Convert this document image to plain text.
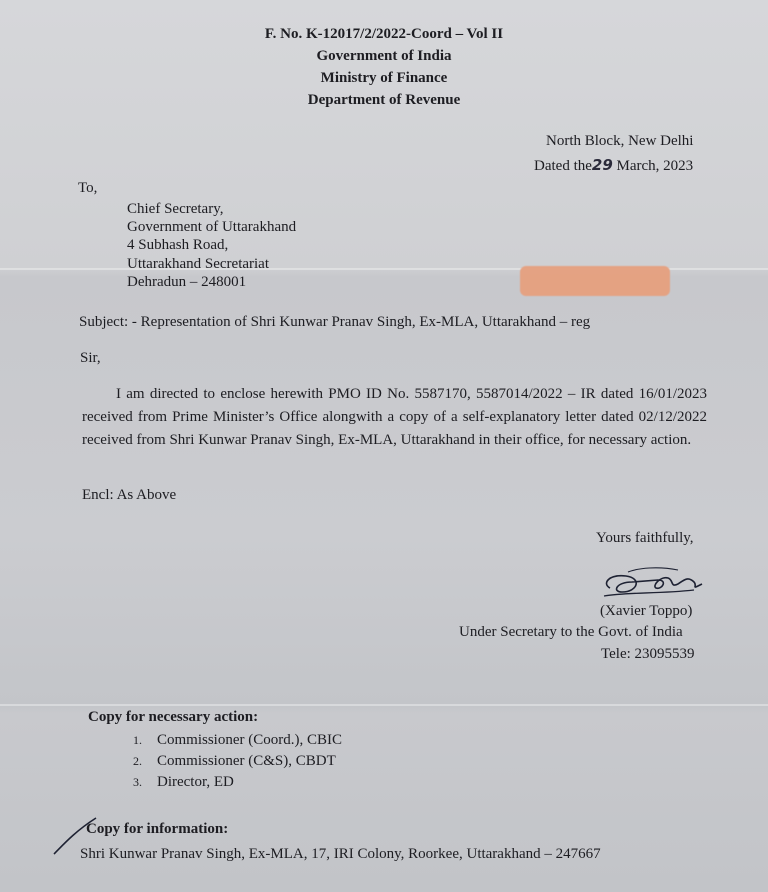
F. No. K-12017/2/2022-Coord – Vol II
Government of India
Ministry of Finance
Department of Revenue
North Block, New Delhi
Dated the29 March, 2023
To,
Chief Secretary,
Government of Uttarakhand
4 Subhash Road,
Uttarakhand Secretariat
Dehradun – 248001
Subject: - Representation of Shri Kunwar Pranav Singh, Ex-MLA, Uttarakhand – reg
Sir,
I am directed to enclose herewith PMO ID No. 5587170, 5587014/2022 – IR dated 16/01/2023 received from Prime Minister’s Office alongwith a copy of a self-explanatory letter dated 02/12/2022 received from Shri Kunwar Pranav Singh, Ex-MLA, Uttarakhand in their office, for necessary action.
Encl: As Above
Yours faithfully,
(Xavier Toppo)
Under Secretary to the Govt. of India
Tele: 23095539
Copy for necessary action:
1. Commissioner (Coord.), CBIC
2. Commissioner (C&S), CBDT
3. Director, ED
Copy for information:
Shri Kunwar Pranav Singh, Ex-MLA, 17, IRI Colony, Roorkee, Uttarakhand – 247667
